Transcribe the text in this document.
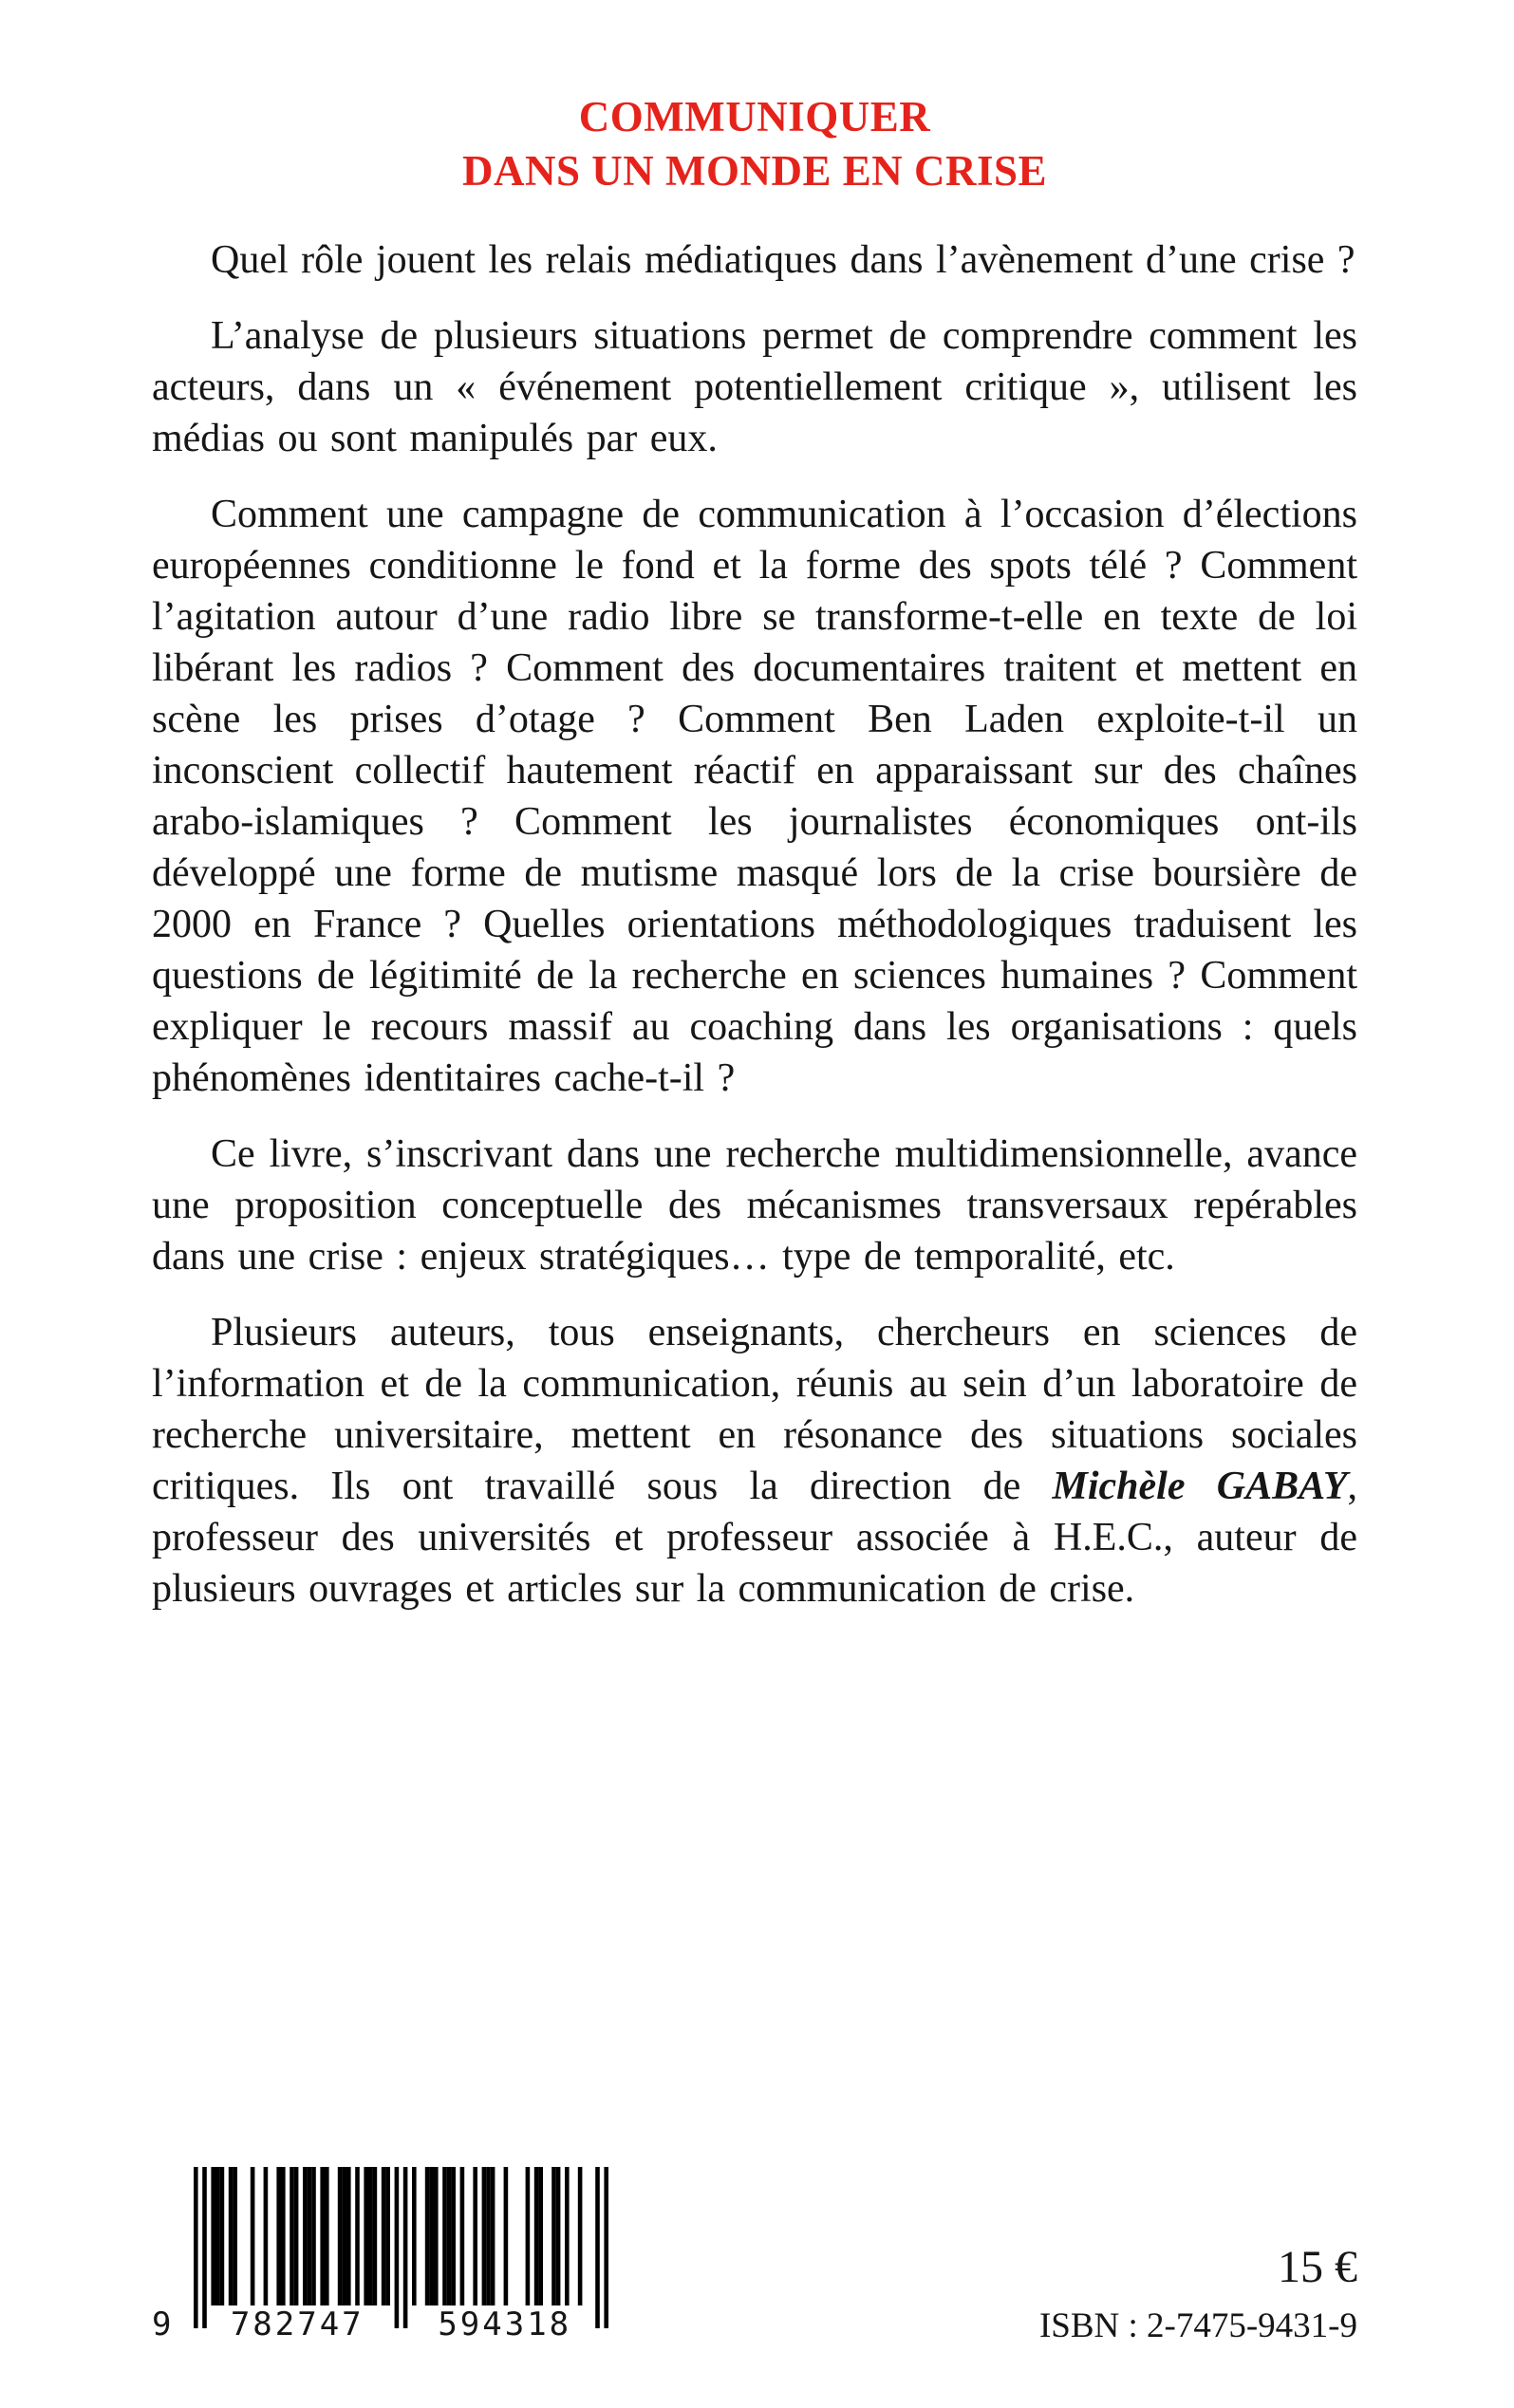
COMMUNIQUER
DANS UN MONDE EN CRISE

Quel rôle jouent les relais médiatiques dans l’avènement d’une crise ?

L’analyse de plusieurs situations permet de comprendre comment les acteurs, dans un « événement potentiellement critique », utilisent les médias ou sont manipulés par eux.

Comment une campagne de communication à l’occasion d’élections européennes conditionne le fond et la forme des spots télé ? Comment l’agitation autour d’une radio libre se transforme-t-elle en texte de loi libérant les radios ? Comment des documentaires traitent et mettent en scène les prises d’otage ? Comment Ben Laden exploite-t-il un inconscient collectif hautement réactif en apparaissant sur des chaînes arabo-islamiques ? Comment les journalistes économiques ont-ils développé une forme de mutisme masqué lors de la crise boursière de 2000 en France ? Quelles orientations méthodologiques traduisent les questions de légitimité de la recherche en sciences humaines ? Comment expliquer le recours massif au coaching dans les organisations : quels phénomènes identitaires cache-t-il ?

Ce livre, s’inscrivant dans une recherche multidimensionnelle, avance une proposition conceptuelle des mécanismes transversaux repérables dans une crise : enjeux stratégiques… type de temporalité, etc.

Plusieurs auteurs, tous enseignants, chercheurs en sciences de l’information et de la communication, réunis au sein d’un laboratoire de recherche universitaire, mettent en résonance des situations sociales critiques. Ils ont travaillé sous la direction de Michèle GABAY, professeur des universités et professeur associée à H.E.C., auteur de plusieurs ouvrages et articles sur la communication de crise.

9 782747 594318
15 €
ISBN : 2-7475-9431-9
